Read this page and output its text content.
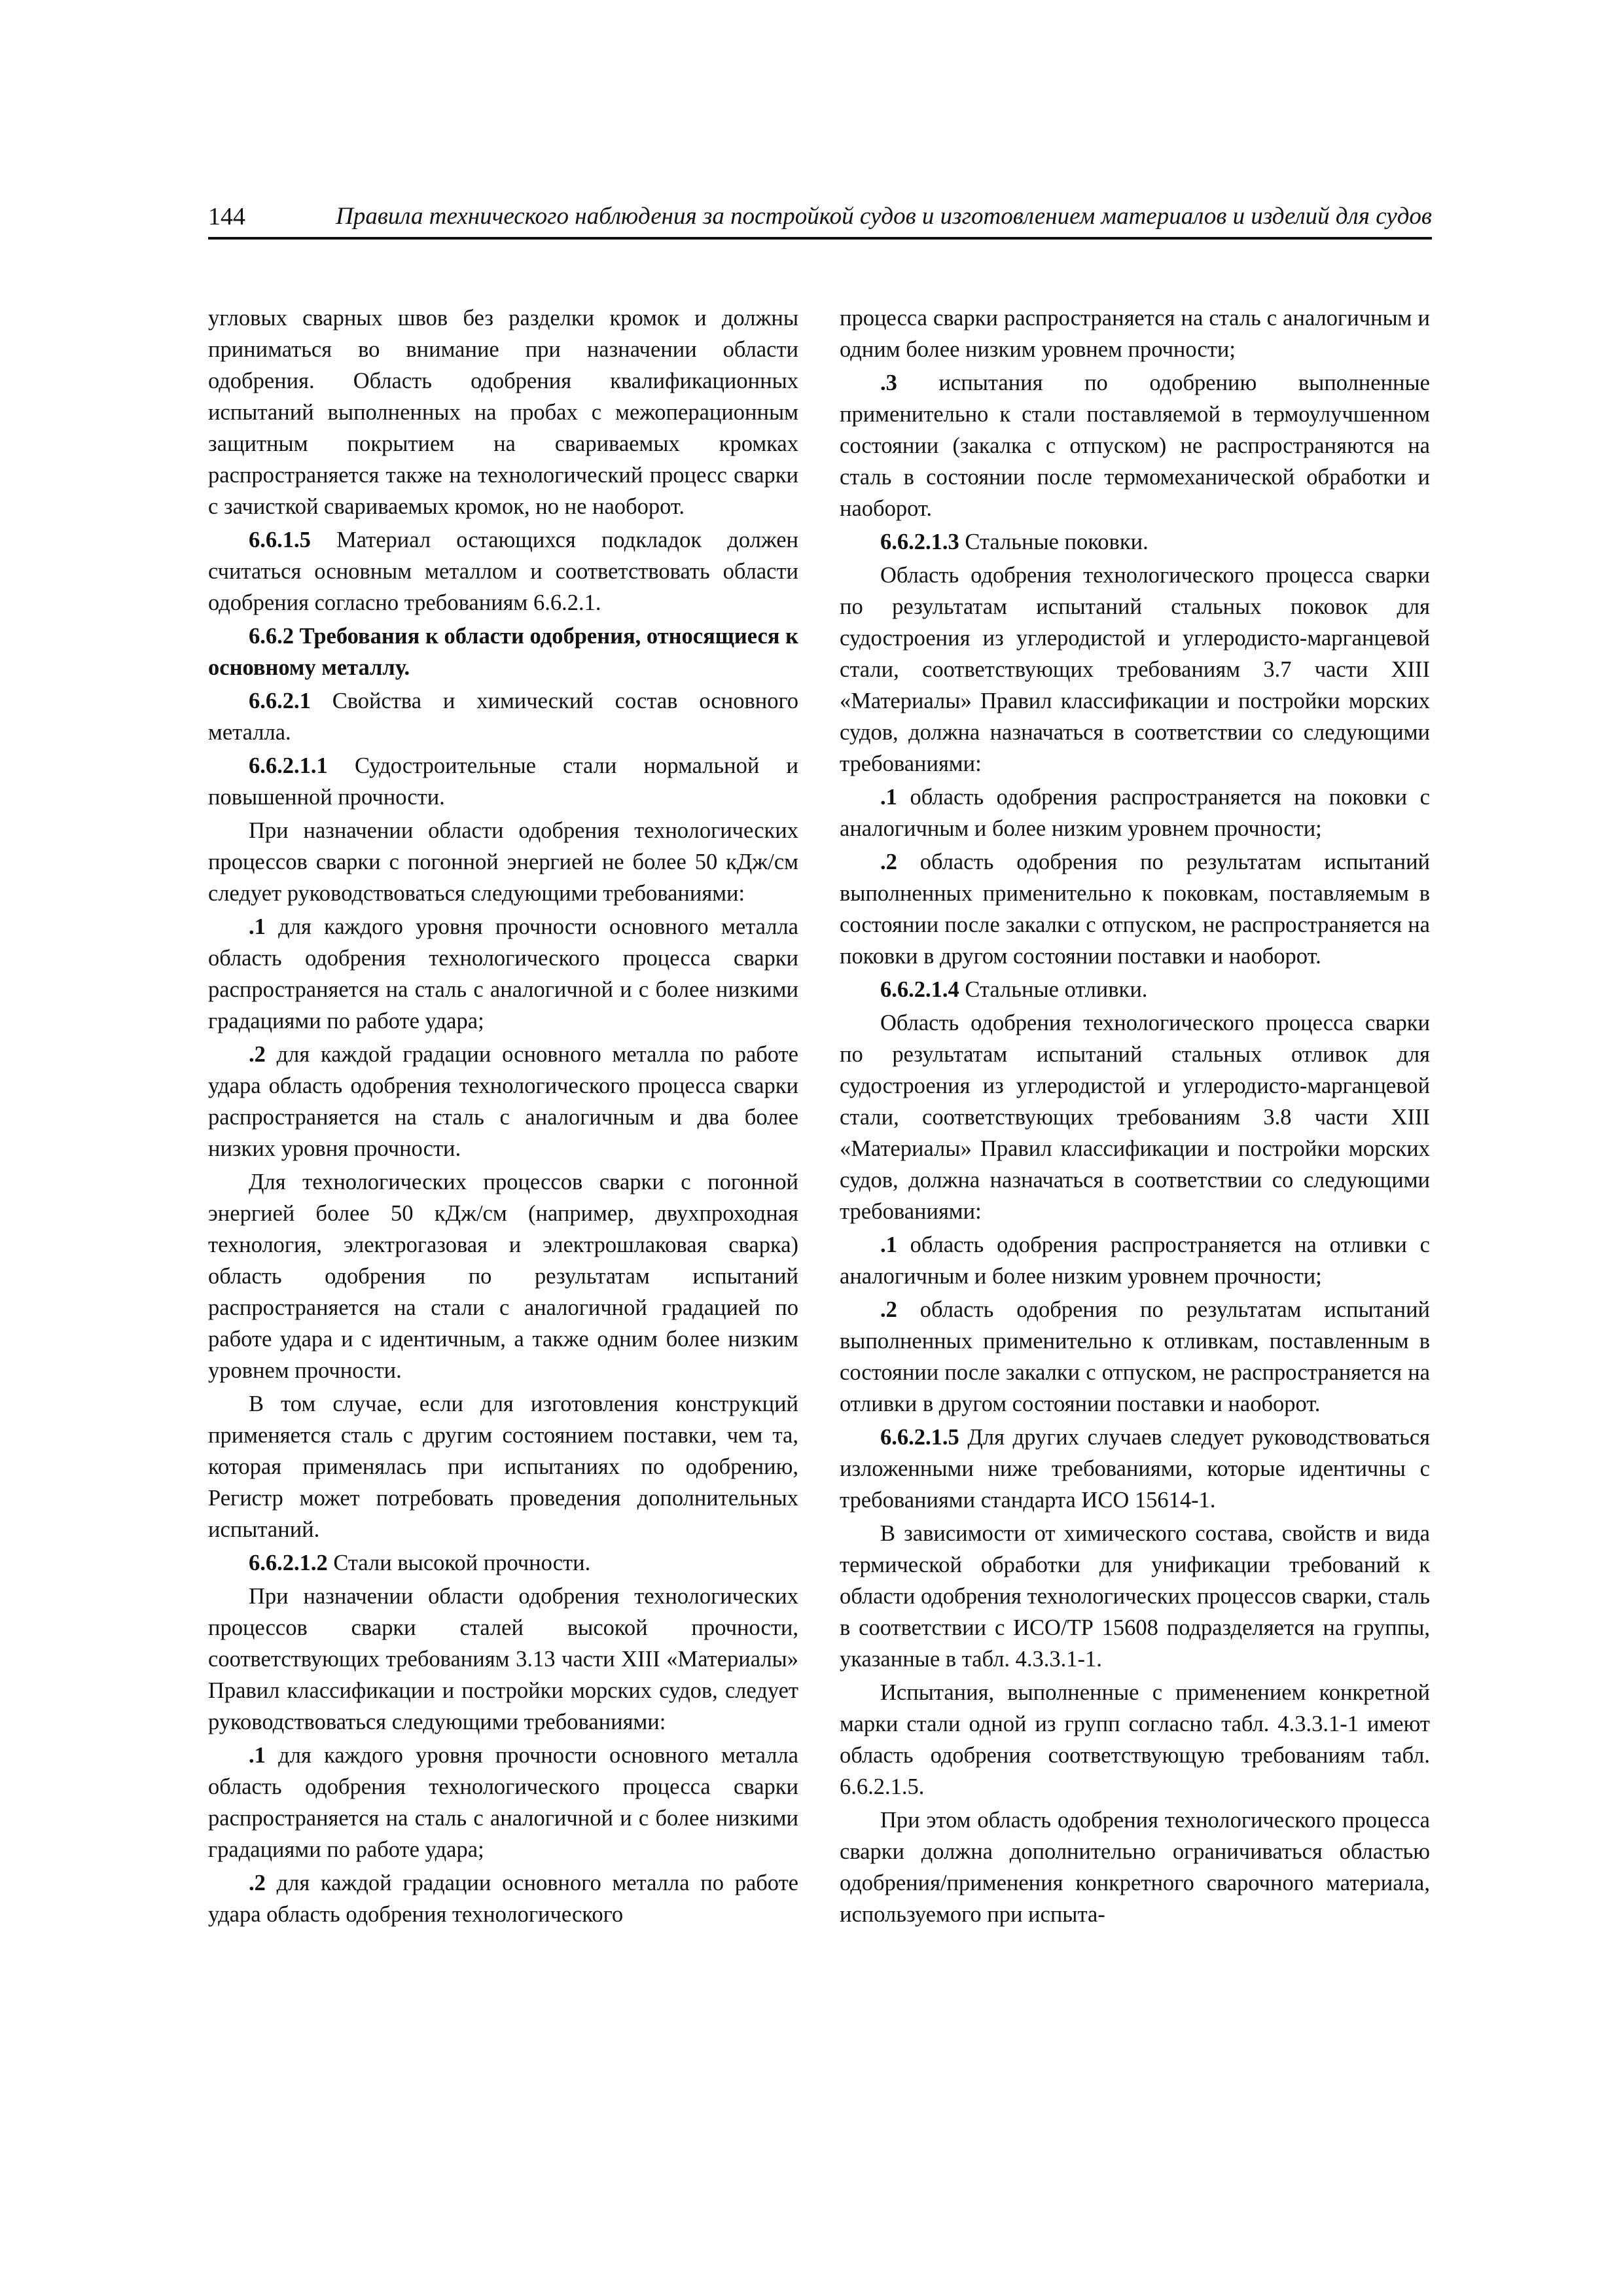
144	Правила технического наблюдения за постройкой судов и изготовлением материалов и изделий для судов

угловых сварных швов без разделки кромок и должны приниматься во внимание при назначении области одобрения. Область одобрения квалификационных испытаний выполненных на пробах с межоперационным защитным покрытием на свариваемых кромках распространяется также на технологический процесс сварки с зачисткой свариваемых кромок, но не наоборот.

6.6.1.5 Материал остающихся подкладок должен считаться основным металлом и соответствовать области одобрения согласно требованиям 6.6.2.1.

6.6.2 Требования к области одобрения, относящиеся к основному металлу.

6.6.2.1 Свойства и химический состав основного металла.

6.6.2.1.1 Судостроительные стали нормальной и повышенной прочности.

При назначении области одобрения технологических процессов сварки с погонной энергией не более 50 кДж/см следует руководствоваться следующими требованиями:

.1 для каждого уровня прочности основного металла область одобрения технологического процесса сварки распространяется на сталь с аналогичной и с более низкими градациями по работе удара;

.2 для каждой градации основного металла по работе удара область одобрения технологического процесса сварки распространяется на сталь с аналогичным и два более низких уровня прочности.

Для технологических процессов сварки с погонной энергией более 50 кДж/см (например, двухпроходная технология, электрогазовая и электрошлаковая сварка) область одобрения по результатам испытаний распространяется на стали с аналогичной градацией по работе удара и с идентичным, а также одним более низким уровнем прочности.

В том случае, если для изготовления конструкций применяется сталь с другим состоянием поставки, чем та, которая применялась при испытаниях по одобрению, Регистр может потребовать проведения дополнительных испытаний.

6.6.2.1.2 Стали высокой прочности.

При назначении области одобрения технологических процессов сварки сталей высокой прочности, соответствующих требованиям 3.13 части XIII «Материалы» Правил классификации и постройки морских судов, следует руководствоваться следующими требованиями:

.1 для каждого уровня прочности основного металла область одобрения технологического процесса сварки распространяется на сталь с аналогичной и с более низкими градациями по работе удара;

.2 для каждой градации основного металла по работе удара область одобрения технологического

процесса сварки распространяется на сталь с аналогичным и одним более низким уровнем прочности;

.3 испытания по одобрению выполненные применительно к стали поставляемой в термоулучшенном состоянии (закалка с отпуском) не распространяются на сталь в состоянии после термомеханической обработки и наоборот.

6.6.2.1.3 Стальные поковки.

Область одобрения технологического процесса сварки по результатам испытаний стальных поковок для судостроения из углеродистой и углеродисто-марганцевой стали, соответствующих требованиям 3.7 части XIII «Материалы» Правил классификации и постройки морских судов, должна назначаться в соответствии со следующими требованиями:

.1 область одобрения распространяется на поковки с аналогичным и более низким уровнем прочности;

.2 область одобрения по результатам испытаний выполненных применительно к поковкам, поставляемым в состоянии после закалки с отпуском, не распространяется на поковки в другом состоянии поставки и наоборот.

6.6.2.1.4 Стальные отливки.

Область одобрения технологического процесса сварки по результатам испытаний стальных отливок для судостроения из углеродистой и углеродисто-марганцевой стали, соответствующих требованиям 3.8 части XIII «Материалы» Правил классификации и постройки морских судов, должна назначаться в соответствии со следующими требованиями:

.1 область одобрения распространяется на отливки с аналогичным и более низким уровнем прочности;

.2 область одобрения по результатам испытаний выполненных применительно к отливкам, поставленным в состоянии после закалки с отпуском, не распространяется на отливки в другом состоянии поставки и наоборот.

6.6.2.1.5 Для других случаев следует руководствоваться изложенными ниже требованиями, которые идентичны с требованиями стандарта ИСО 15614-1.

В зависимости от химического состава, свойств и вида термической обработки для унификации требований к области одобрения технологических процессов сварки, сталь в соответствии с ИСО/ТР 15608 подразделяется на группы, указанные в табл. 4.3.3.1-1.

Испытания, выполненные с применением конкретной марки стали одной из групп согласно табл. 4.3.3.1-1 имеют область одобрения соответствующую требованиям табл. 6.6.2.1.5.

При этом область одобрения технологического процесса сварки должна дополнительно ограничиваться областью одобрения/применения конкретного сварочного материала, используемого при испыта-
